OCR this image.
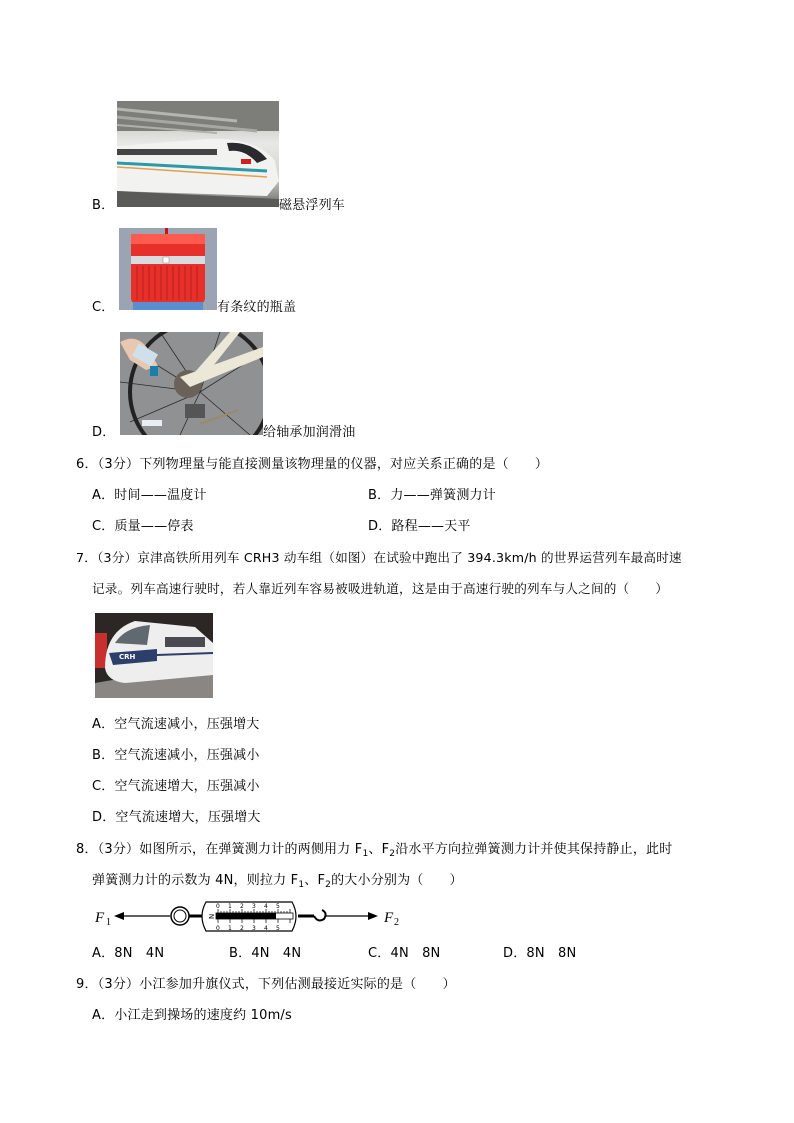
B．	磁悬浮列车
C．	有条纹的瓶盖
D．	给轴承加润滑油
6．（3分）下列物理量与能直接测量该物理量的仪器，对应关系正确的是（ ）
A．时间——温度计	B．力——弹簧测力计
C．质量——停表	D．路程——天平
7．（3分）京津高铁所用列车 CRH3 动车组（如图）在试验中跑出了 394.3km/h 的世界运营列车最高时速
记录。列车高速行驶时，若人靠近列车容易被吸进轨道，这是由于高速行驶的列车与人之间的（ ）
CRH
A．空气流速减小，压强增大
B．空气流速减小，压强减小
C．空气流速增大，压强减小
D．空气流速增大，压强增大
8．（3分）如图所示，在弹簧测力计的两侧用力 $F_1$、$F_2$沿水平方向拉弹簧测力计并使其保持静止，此时
弹簧测力计的示数为 4N，则拉力 $F_1$、$F_2$的大小分别为（ ）
F 1
N
0 1 2 3 4 5
0 1 2 3 4 5
F 2
A．8N　4N	B．4N　4N	C．4N　8N	D．8N　8N
9．（3分）小江参加升旗仪式，下列估测最接近实际的是（ ）
A．小江走到操场的速度约 10m/s
